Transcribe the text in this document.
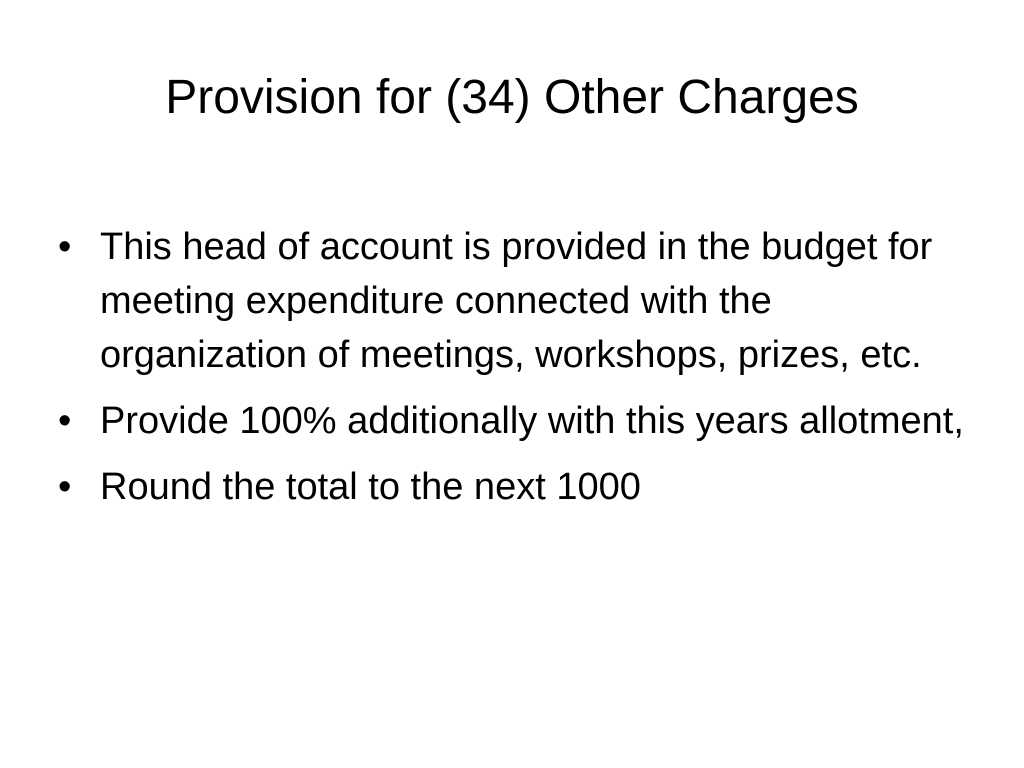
Provision for (34) Other Charges
• This head of account is provided in the budget for meeting expenditure connected with the organization of meetings, workshops, prizes, etc.
• Provide 100% additionally with this years allotment,
• Round the total to the next 1000
